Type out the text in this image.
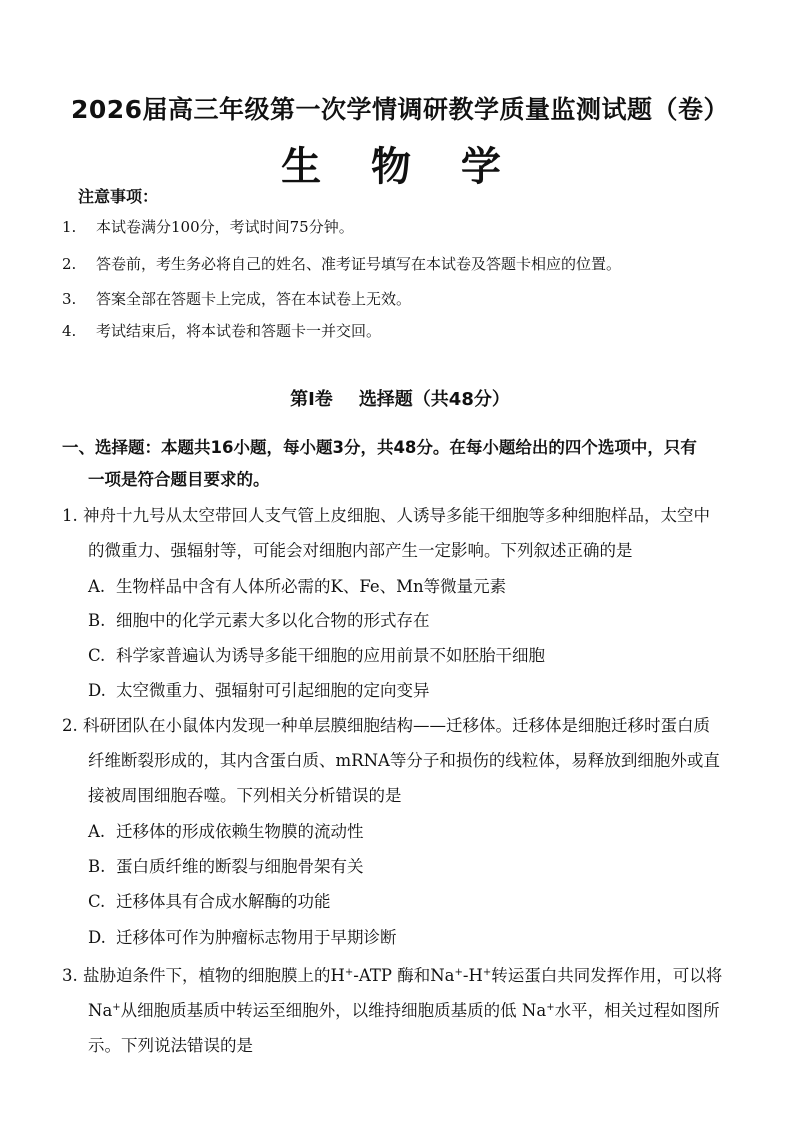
2026届高三年级第一次学情调研教学质量监测试题（卷）
生 物 学
注意事项：
1. 本试卷满分100分，考试时间75分钟。
2. 答卷前，考生务必将自己的姓名、准考证号填写在本试卷及答题卡相应的位置。
3. 答案全部在答题卡上完成，答在本试卷上无效。
4. 考试结束后，将本试卷和答题卡一并交回。
第Ⅰ卷 选择题（共48分）
一、选择题：本题共16小题，每小题3分，共48分。在每小题给出的四个选项中，只有
一项是符合题目要求的。
1. 神舟十九号从太空带回人支气管上皮细胞、人诱导多能干细胞等多种细胞样品，太空中
的微重力、强辐射等，可能会对细胞内部产生一定影响。下列叙述正确的是
A. 生物样品中含有人体所必需的K、Fe、Mn等微量元素
B. 细胞中的化学元素大多以化合物的形式存在
C. 科学家普遍认为诱导多能干细胞的应用前景不如胚胎干细胞
D. 太空微重力、强辐射可引起细胞的定向变异
2. 科研团队在小鼠体内发现一种单层膜细胞结构——迁移体。迁移体是细胞迁移时蛋白质
纤维断裂形成的，其内含蛋白质、mRNA等分子和损伤的线粒体，易释放到细胞外或直
接被周围细胞吞噬。下列相关分析错误的是
A. 迁移体的形成依赖生物膜的流动性
B. 蛋白质纤维的断裂与细胞骨架有关
C. 迁移体具有合成水解酶的功能
D. 迁移体可作为肿瘤标志物用于早期诊断
3. 盐胁迫条件下，植物的细胞膜上的H+-ATP 酶和Na+-H+转运蛋白共同发挥作用，可以将
Na+从细胞质基质中转运至细胞外，以维持细胞质基质的低 Na+水平，相关过程如图所
示。下列说法错误的是
